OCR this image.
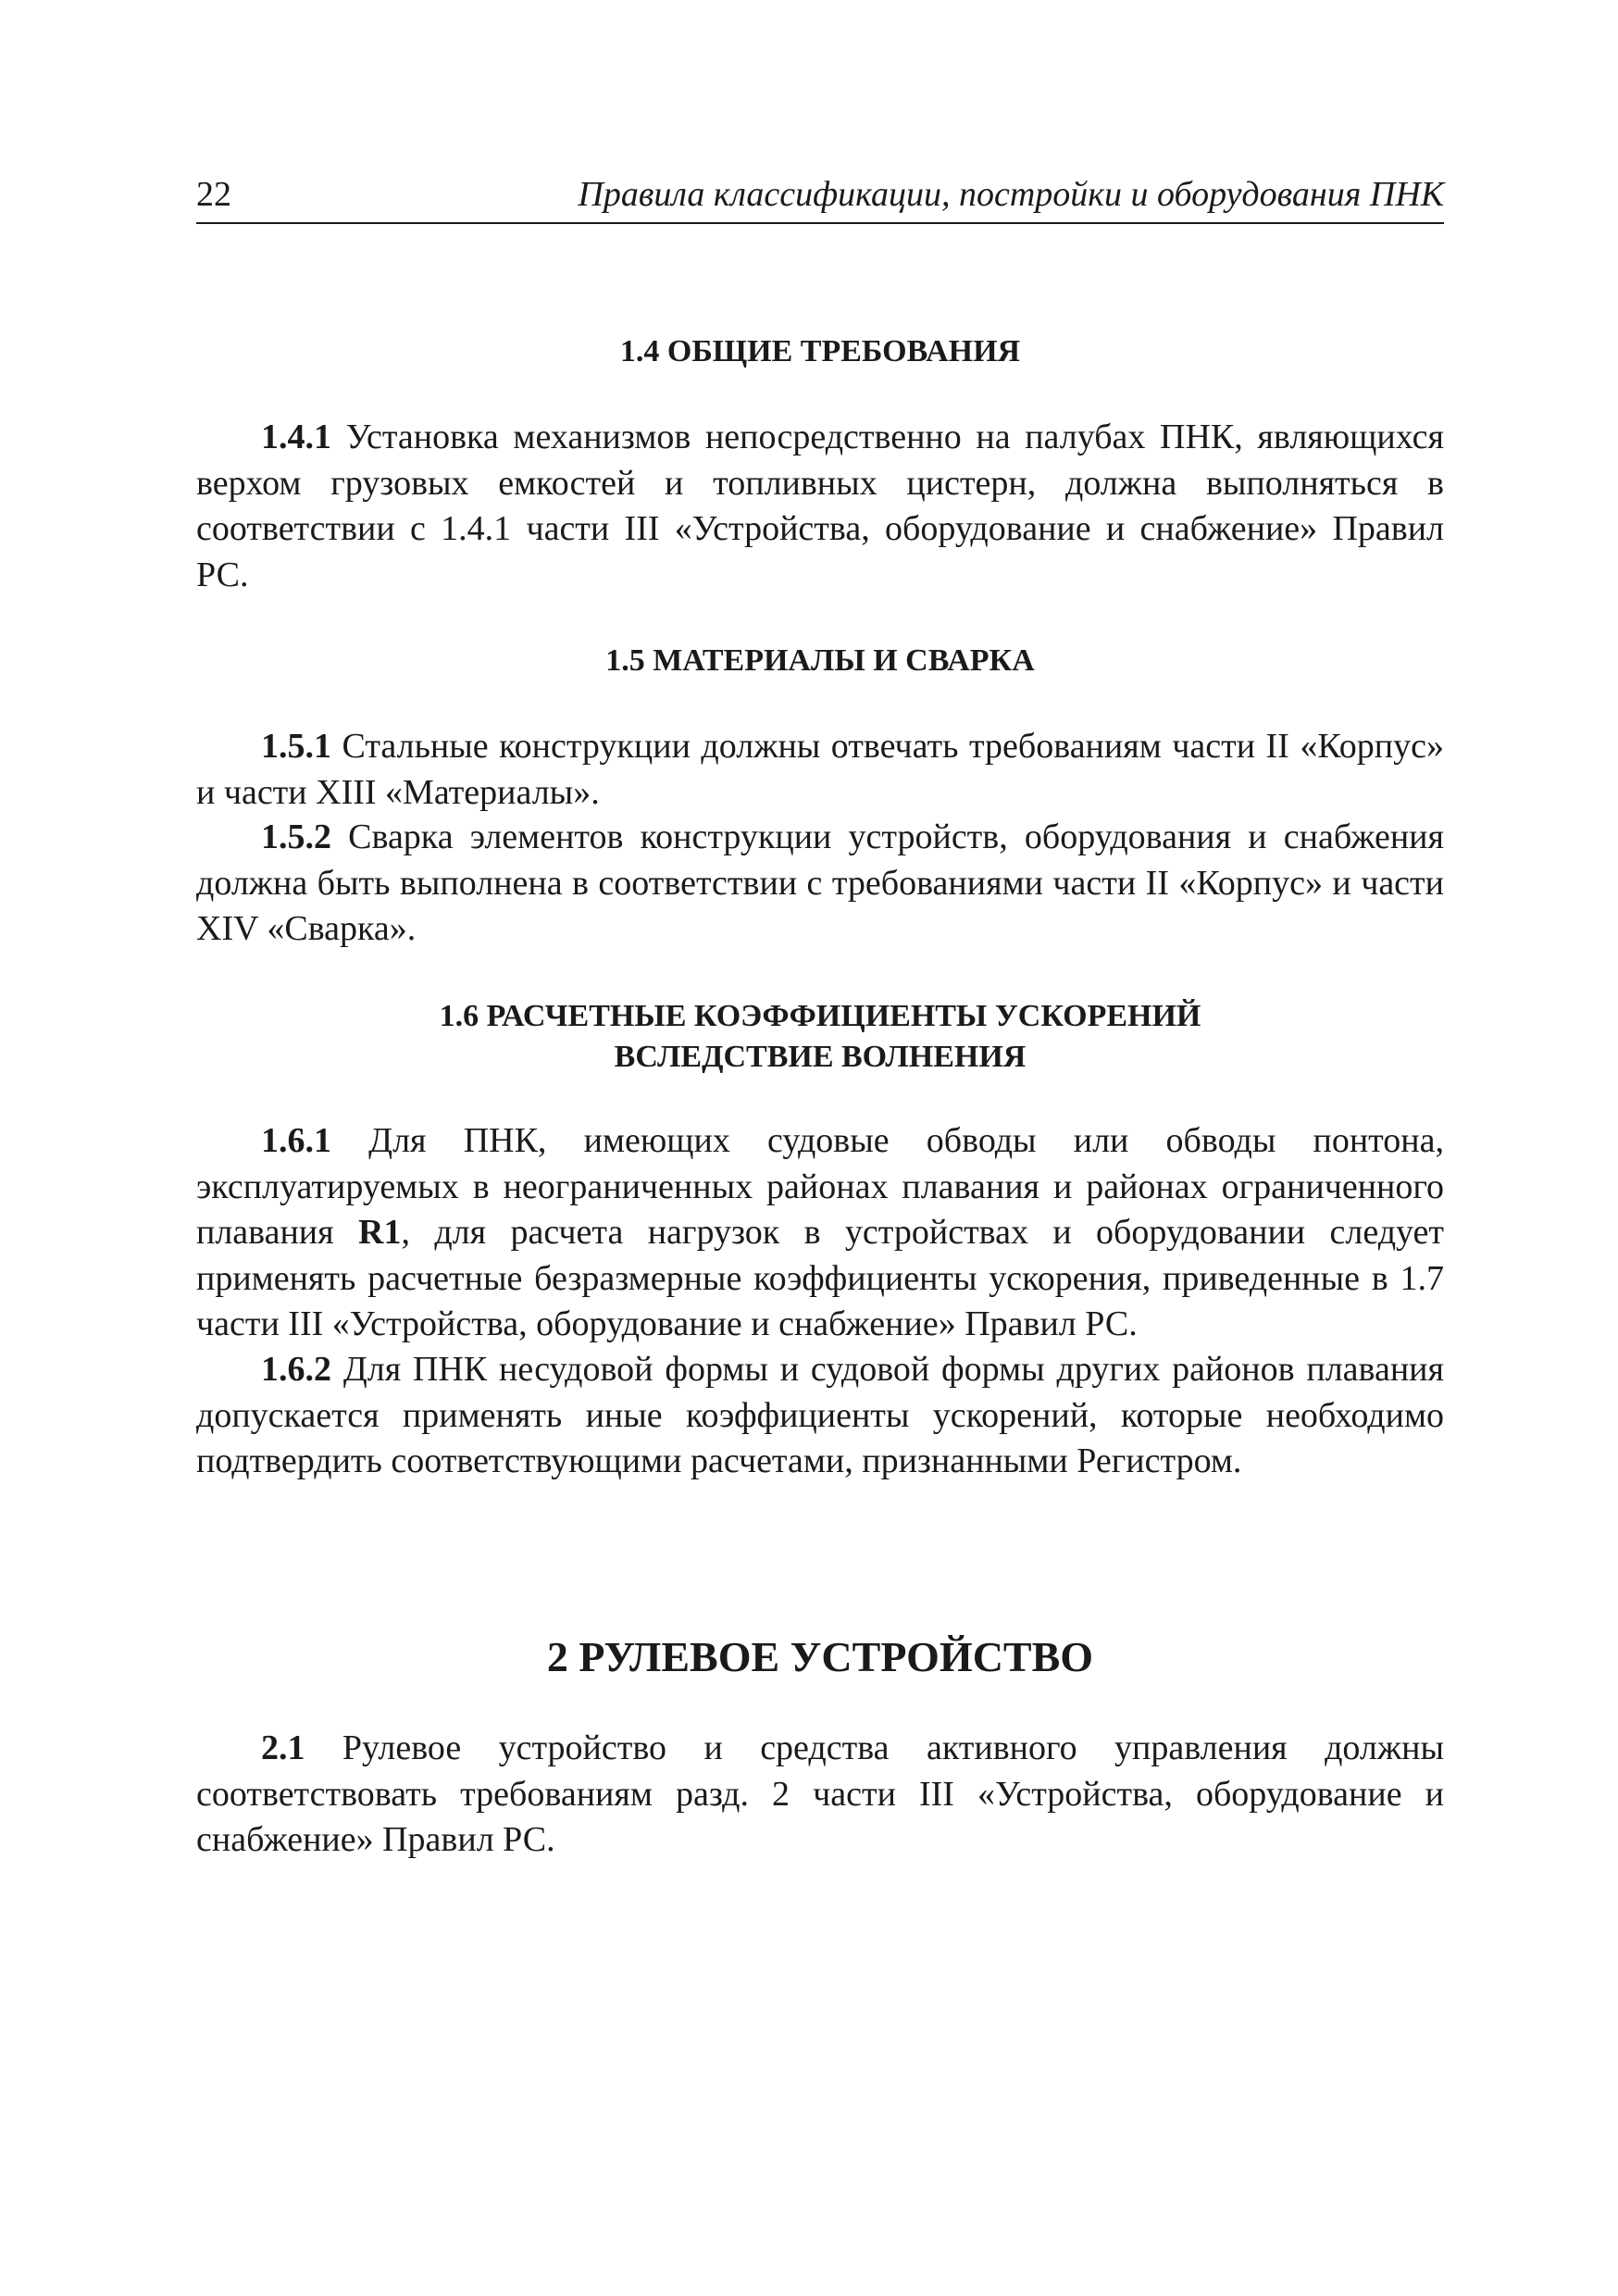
22	Правила классификации, постройки и оборудования ПНК
1.4 ОБЩИЕ ТРЕБОВАНИЯ

1.4.1 Установка механизмов непосредственно на палубах ПНК, являющихся верхом грузовых емкостей и топливных цистерн, должна выполняться в соответствии с 1.4.1 части III «Устройства, оборудование и снабжение» Правил РС.

1.5 МАТЕРИАЛЫ И СВАРКА

1.5.1 Стальные конструкции должны отвечать требованиям части II «Корпус» и части XIII «Материалы».

1.5.2 Сварка элементов конструкции устройств, оборудования и снабжения должна быть выполнена в соответствии с требованиями части II «Корпус» и части XIV «Сварка».

1.6 РАСЧЕТНЫЕ КОЭФФИЦИЕНТЫ УСКОРЕНИЙ
ВСЛЕДСТВИЕ ВОЛНЕНИЯ

1.6.1 Для ПНК, имеющих судовые обводы или обводы понтона, эксплуатируемых в неограниченных районах плавания и районах ограниченного плавания R1, для расчета нагрузок в устройствах и оборудовании следует применять расчетные безразмерные коэффициенты ускорения, приведенные в 1.7 части III «Устройства, оборудование и снабжение» Правил РС.

1.6.2 Для ПНК несудовой формы и судовой формы других районов плавания допускается применять иные коэффициенты ускорений, которые необходимо подтвердить соответствующими расчетами, признанными Регистром.

2 РУЛЕВОЕ УСТРОЙСТВО

2.1 Рулевое устройство и средства активного управления должны соответствовать требованиям разд. 2 части III «Устройства, оборудование и снабжение» Правил РС.
